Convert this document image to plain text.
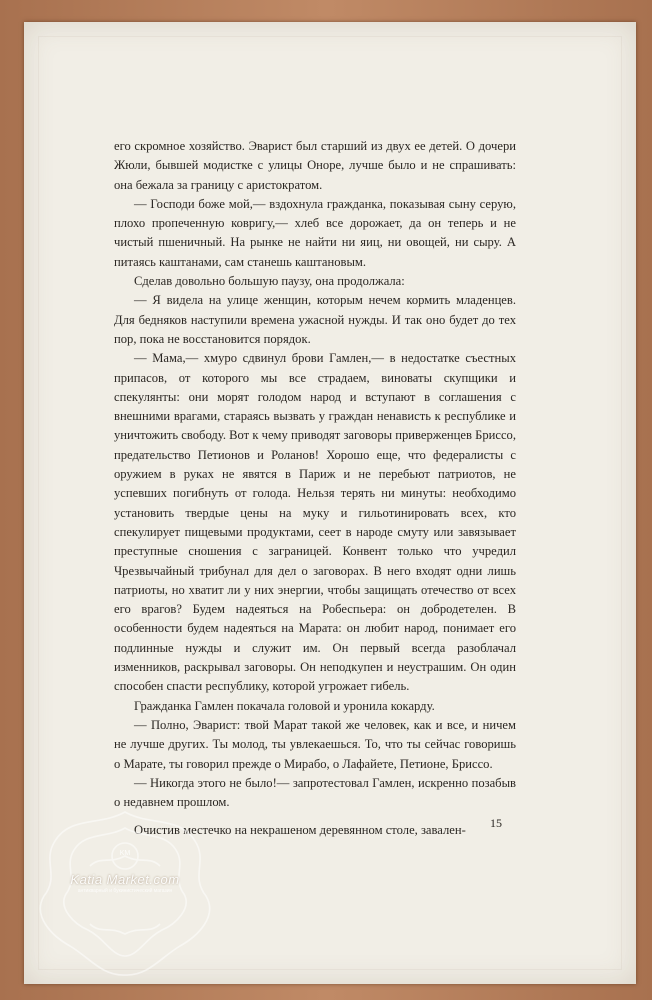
его скромное хозяйство. Эварист был старший из двух ее детей. О дочери Жюли, бывшей модистке с улицы Оноре, лучше было и не спрашивать: она бежала за границу с аристократом.

— Господи боже мой,— вздохнула гражданка, показывая сыну серую, плохо пропеченную ковригу,— хлеб все дорожает, да он теперь и не чистый пшеничный. На рынке не найти ни яиц, ни овощей, ни сыру. А питаясь каштанами, сам станешь каштановым.

Сделав довольно большую паузу, она продолжала:

— Я видела на улице женщин, которым нечем кормить младенцев. Для бедняков наступили времена ужасной нужды. И так оно будет до тех пор, пока не восстановится порядок.

— Мама,— хмуро сдвинул брови Гамлен,— в недостатке съестных припасов, от которого мы все страдаем, виноваты скупщики и спекулянты: они морят голодом народ и вступают в соглашения с внешними врагами, стараясь вызвать у граждан ненависть к республике и уничтожить свободу. Вот к чему приводят заговоры приверженцев Бриссо, предательство Петионов и Роланов! Хорошо еще, что федералисты с оружием в руках не явятся в Париж и не перебьют патриотов, не успевших погибнуть от голода. Нельзя терять ни минуты: необходимо установить твердые цены на муку и гильотинировать всех, кто спекулирует пищевыми продуктами, сеет в народе смуту или завязывает преступные сношения с заграницей. Конвент только что учредил Чрезвычайный трибунал для дел о заговорах. В него входят одни лишь патриоты, но хватит ли у них энергии, чтобы защищать отечество от всех его врагов? Будем надеяться на Робеспьера: он добродетелен. В особенности будем надеяться на Марата: он любит народ, понимает его подлинные нужды и служит им. Он первый всегда разоблачал изменников, раскрывал заговоры. Он неподкупен и неустрашим. Он один способен спасти республику, которой угрожает гибель.

Гражданка Гамлен покачала головой и уронила кокарду.

— Полно, Эварист: твой Марат такой же человек, как и все, и ничем не лучше других. Ты молод, ты увлекаешься. То, что ты сейчас говоришь о Марате, ты говорил прежде о Мирабо, о Лафайете, Петионе, Бриссо.

— Никогда этого не было!— запротестовал Гамлен, искренно позабыв о недавнем прошлом.

Очистив местечко на некрашеном деревянном столе, завален-

15
KM
Katia Market.com
антикварный и букинистический магазин
